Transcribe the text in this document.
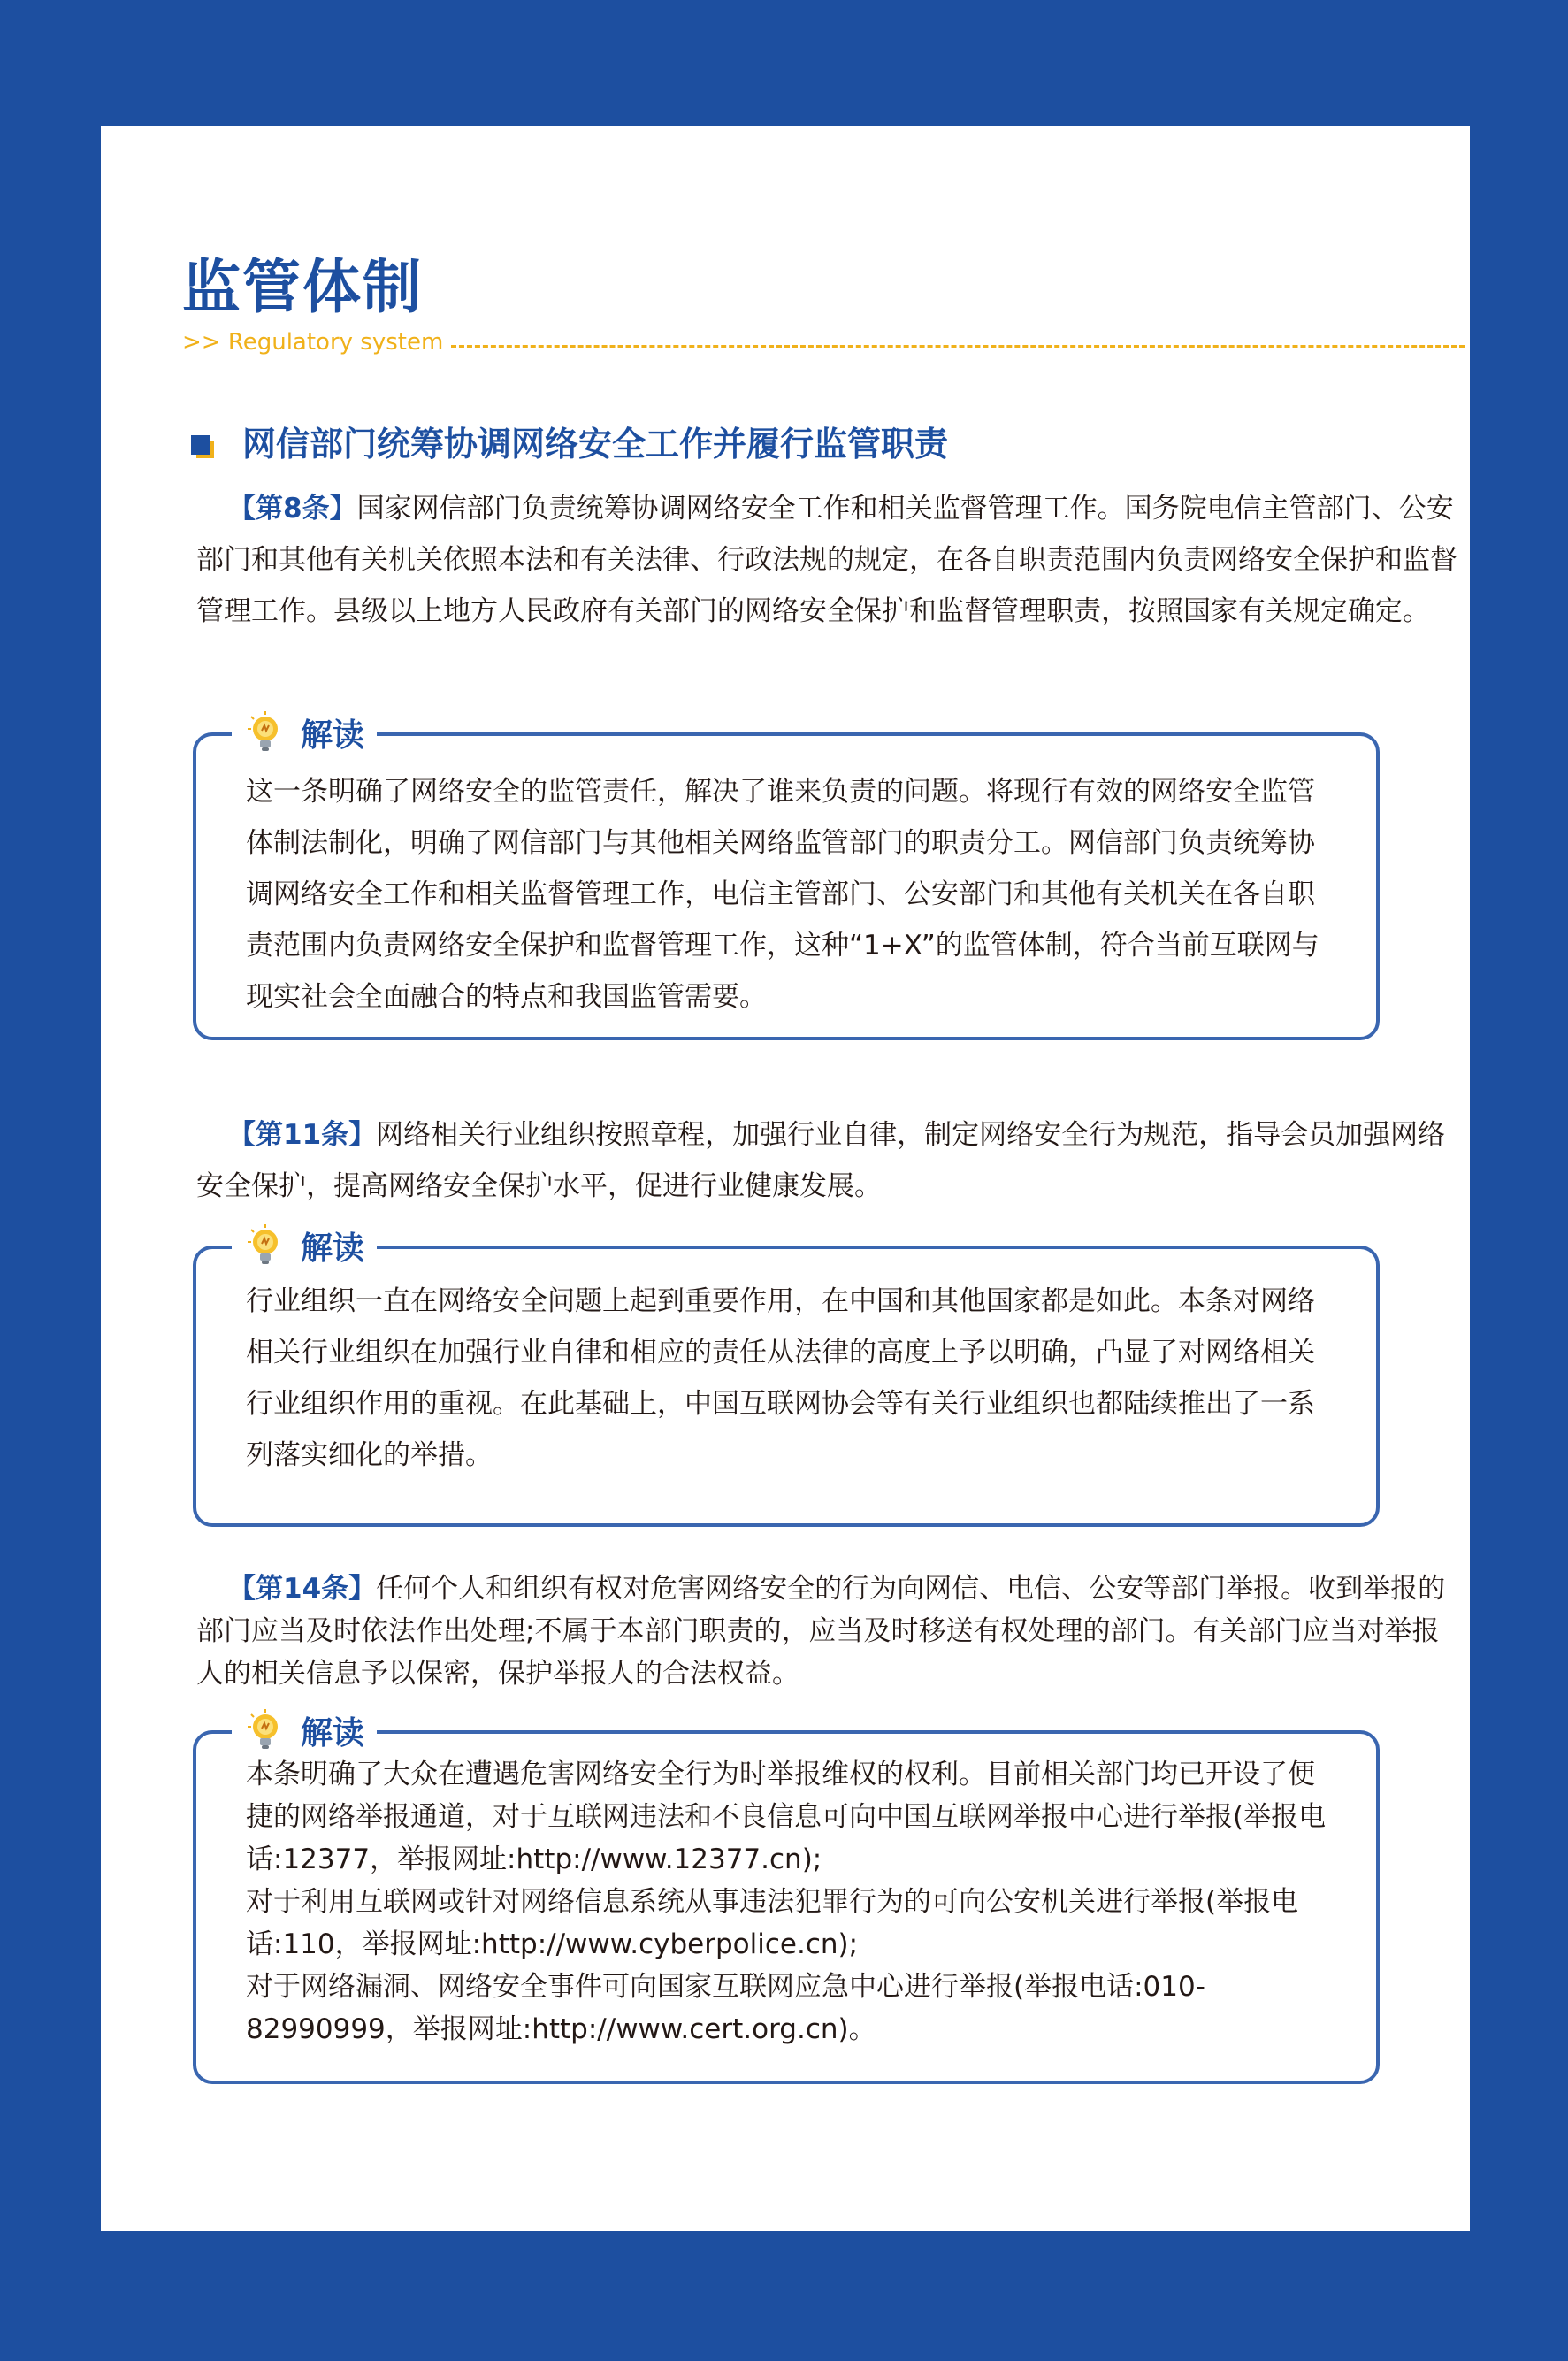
监管体制
>> Regulatory system
网信部门统筹协调网络安全工作并履行监管职责

【第8条】国家网信部门负责统筹协调网络安全工作和相关监督管理工作。国务院电信主管部门、公安部门和其他有关机关依照本法和有关法律、行政法规的规定，在各自职责范围内负责网络安全保护和监督管理工作。县级以上地方人民政府有关部门的网络安全保护和监督管理职责，按照国家有关规定确定。

解读

这一条明确了网络安全的监管责任，解决了谁来负责的问题。将现行有效的网络安全监管体制法制化，明确了网信部门与其他相关网络监管部门的职责分工。网信部门负责统筹协调网络安全工作和相关监督管理工作，电信主管部门、公安部门和其他有关机关在各自职责范围内负责网络安全保护和监督管理工作，这种“1+X”的监管体制，符合当前互联网与现实社会全面融合的特点和我国监管需要。

【第11条】网络相关行业组织按照章程，加强行业自律，制定网络安全行为规范，指导会员加强网络安全保护，提高网络安全保护水平，促进行业健康发展。

解读

行业组织一直在网络安全问题上起到重要作用，在中国和其他国家都是如此。本条对网络相关行业组织在加强行业自律和相应的责任从法律的高度上予以明确，凸显了对网络相关行业组织作用的重视。在此基础上，中国互联网协会等有关行业组织也都陆续推出了一系列落实细化的举措。

【第14条】任何个人和组织有权对危害网络安全的行为向网信、电信、公安等部门举报。收到举报的部门应当及时依法作出处理;不属于本部门职责的，应当及时移送有权处理的部门。有关部门应当对举报人的相关信息予以保密，保护举报人的合法权益。

解读

本条明确了大众在遭遇危害网络安全行为时举报维权的权利。目前相关部门均已开设了便捷的网络举报通道，对于互联网违法和不良信息可向中国互联网举报中心进行举报(举报电话:12377，举报网址:http://www.12377.cn);
对于利用互联网或针对网络信息系统从事违法犯罪行为的可向公安机关进行举报(举报电话:110，举报网址:http://www.cyberpolice.cn);
对于网络漏洞、网络安全事件可向国家互联网应急中心进行举报(举报电话:010-82990999，举报网址:http://www.cert.org.cn)。
